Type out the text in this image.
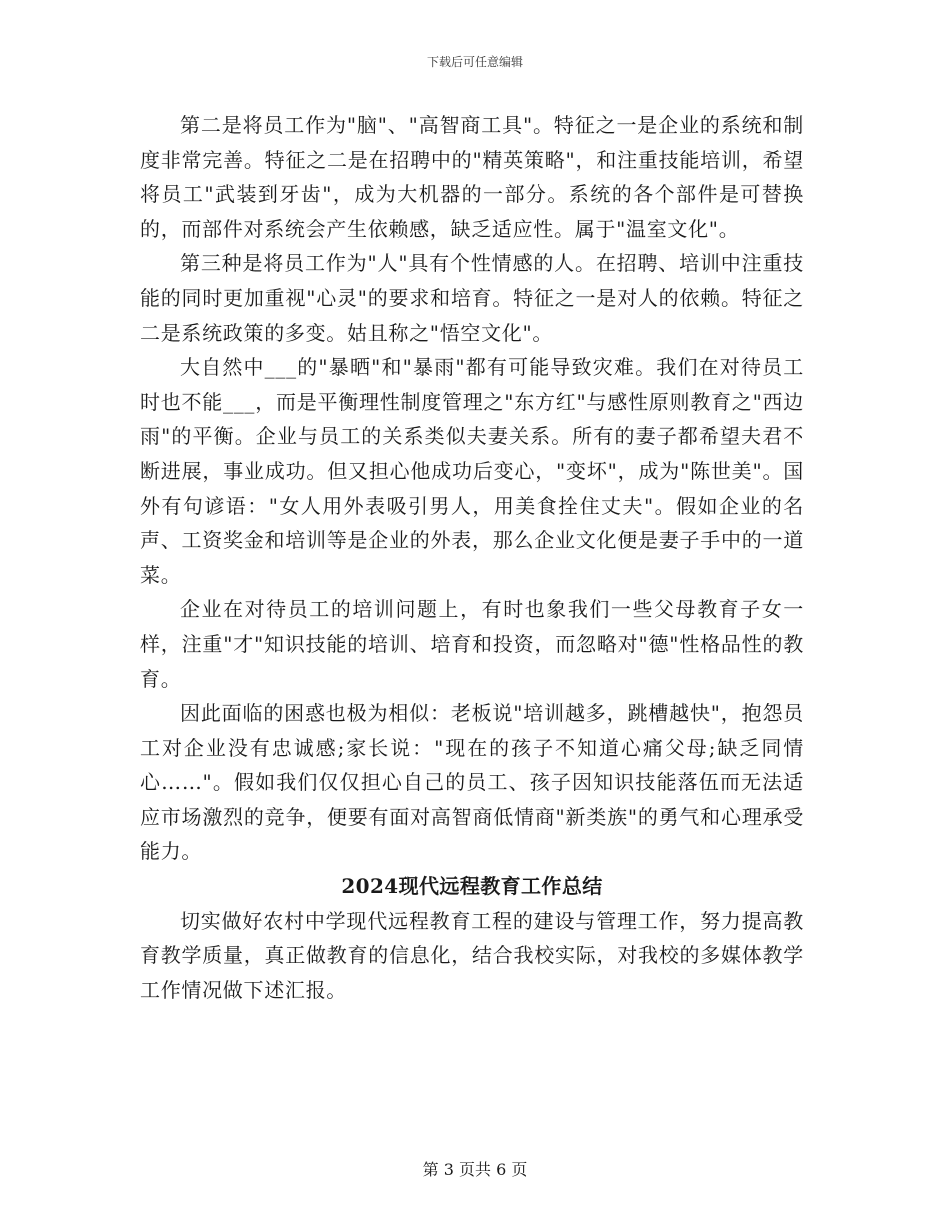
下载后可任意编辑

第二是将员工作为"脑"、"高智商工具"。特征之一是企业的系统和制度非常完善。特征之二是在招聘中的"精英策略"，和注重技能培训，希望将员工"武装到牙齿"，成为大机器的一部分。系统的各个部件是可替换的，而部件对系统会产生依赖感，缺乏适应性。属于"温室文化"。

第三种是将员工作为"人"具有个性情感的人。在招聘、培训中注重技能的同时更加重视"心灵"的要求和培育。特征之一是对人的依赖。特征之二是系统政策的多变。姑且称之"悟空文化"。

大自然中___的"暴晒"和"暴雨"都有可能导致灾难。我们在对待员工时也不能___，而是平衡理性制度管理之"东方红"与感性原则教育之"西边雨"的平衡。企业与员工的关系类似夫妻关系。所有的妻子都希望夫君不断进展，事业成功。但又担心他成功后变心，"变坏"，成为"陈世美"。国外有句谚语："女人用外表吸引男人，用美食拴住丈夫"。假如企业的名声、工资奖金和培训等是企业的外表，那么企业文化便是妻子手中的一道菜。

企业在对待员工的培训问题上，有时也象我们一些父母教育子女一样，注重"才"知识技能的培训、培育和投资，而忽略对"德"性格品性的教育。

因此面临的困惑也极为相似：老板说"培训越多，跳槽越快"，抱怨员工对企业没有忠诚感;家长说："现在的孩子不知道心痛父母;缺乏同情心……"。假如我们仅仅担心自己的员工、孩子因知识技能落伍而无法适应市场激烈的竞争，便要有面对高智商低情商"新类族"的勇气和心理承受能力。

2024现代远程教育工作总结

切实做好农村中学现代远程教育工程的建设与管理工作，努力提高教育教学质量，真正做教育的信息化，结合我校实际，对我校的多媒体教学工作情况做下述汇报。

第 3 页共 6 页
